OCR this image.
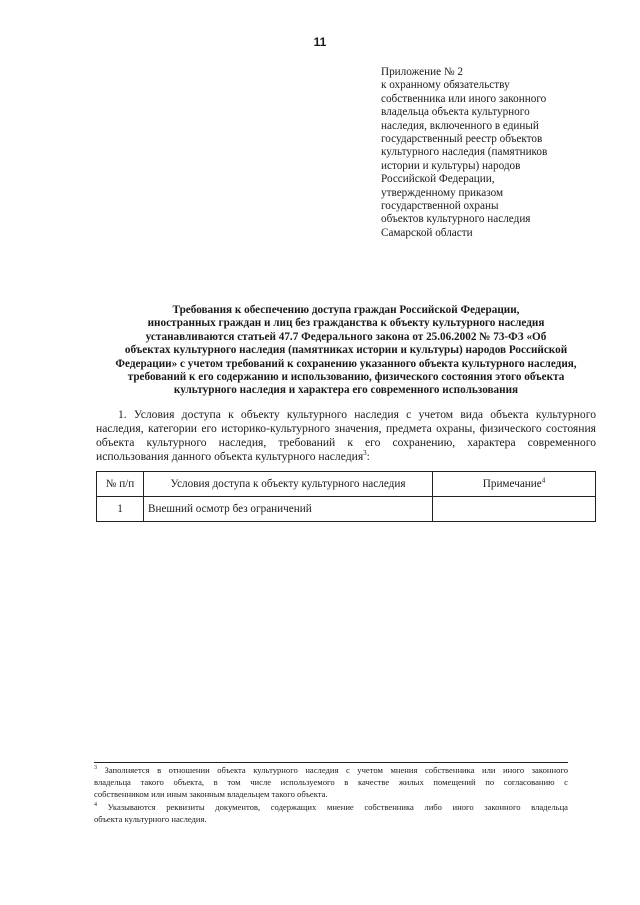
11
Приложение № 2
к охранному обязательству
собственника или иного законного
владельца объекта культурного
наследия, включенного в единый
государственный реестр объектов
культурного наследия (памятников
истории и культуры) народов
Российской Федерации,
утвержденному приказом
государственной охраны
объектов культурного наследия
Самарской области
Требования к обеспечению доступа граждан Российской Федерации,
иностранных граждан и лиц без гражданства к объекту культурного наследия
устанавливаются статьей 47.7 Федерального закона от 25.06.2002 № 73-ФЗ «Об
объектах культурного наследия (памятниках истории и культуры) народов Российской
Федерации» с учетом требований к сохранению указанного объекта культурного наследия,
требований к его содержанию и использованию, физического состояния этого объекта
культурного наследия и характера его современного использования
1. Условия доступа к объекту культурного наследия с учетом вида объекта культурного
наследия, категории его историко-культурного значения, предмета охраны, физического состояния
объекта культурного наследия, требований к его сохранению, характера современного
использования данного объекта культурного наследия$^3$:
№ п/п	Условия доступа к объекту культурного наследия	Примечание$^4$
1	Внешний осмотр без ограничений	
$^3$ Заполняется в отношении объекта культурного наследия с учетом мнения собственника или иного законного
владельца такого объекта, в том числе используемого в качестве жилых помещений по согласованию с
собственником или иным законным владельцем такого объекта.
$^4$ Указываются реквизиты документов, содержащих мнение собственника либо иного законного владельца
объекта культурного наследия.
